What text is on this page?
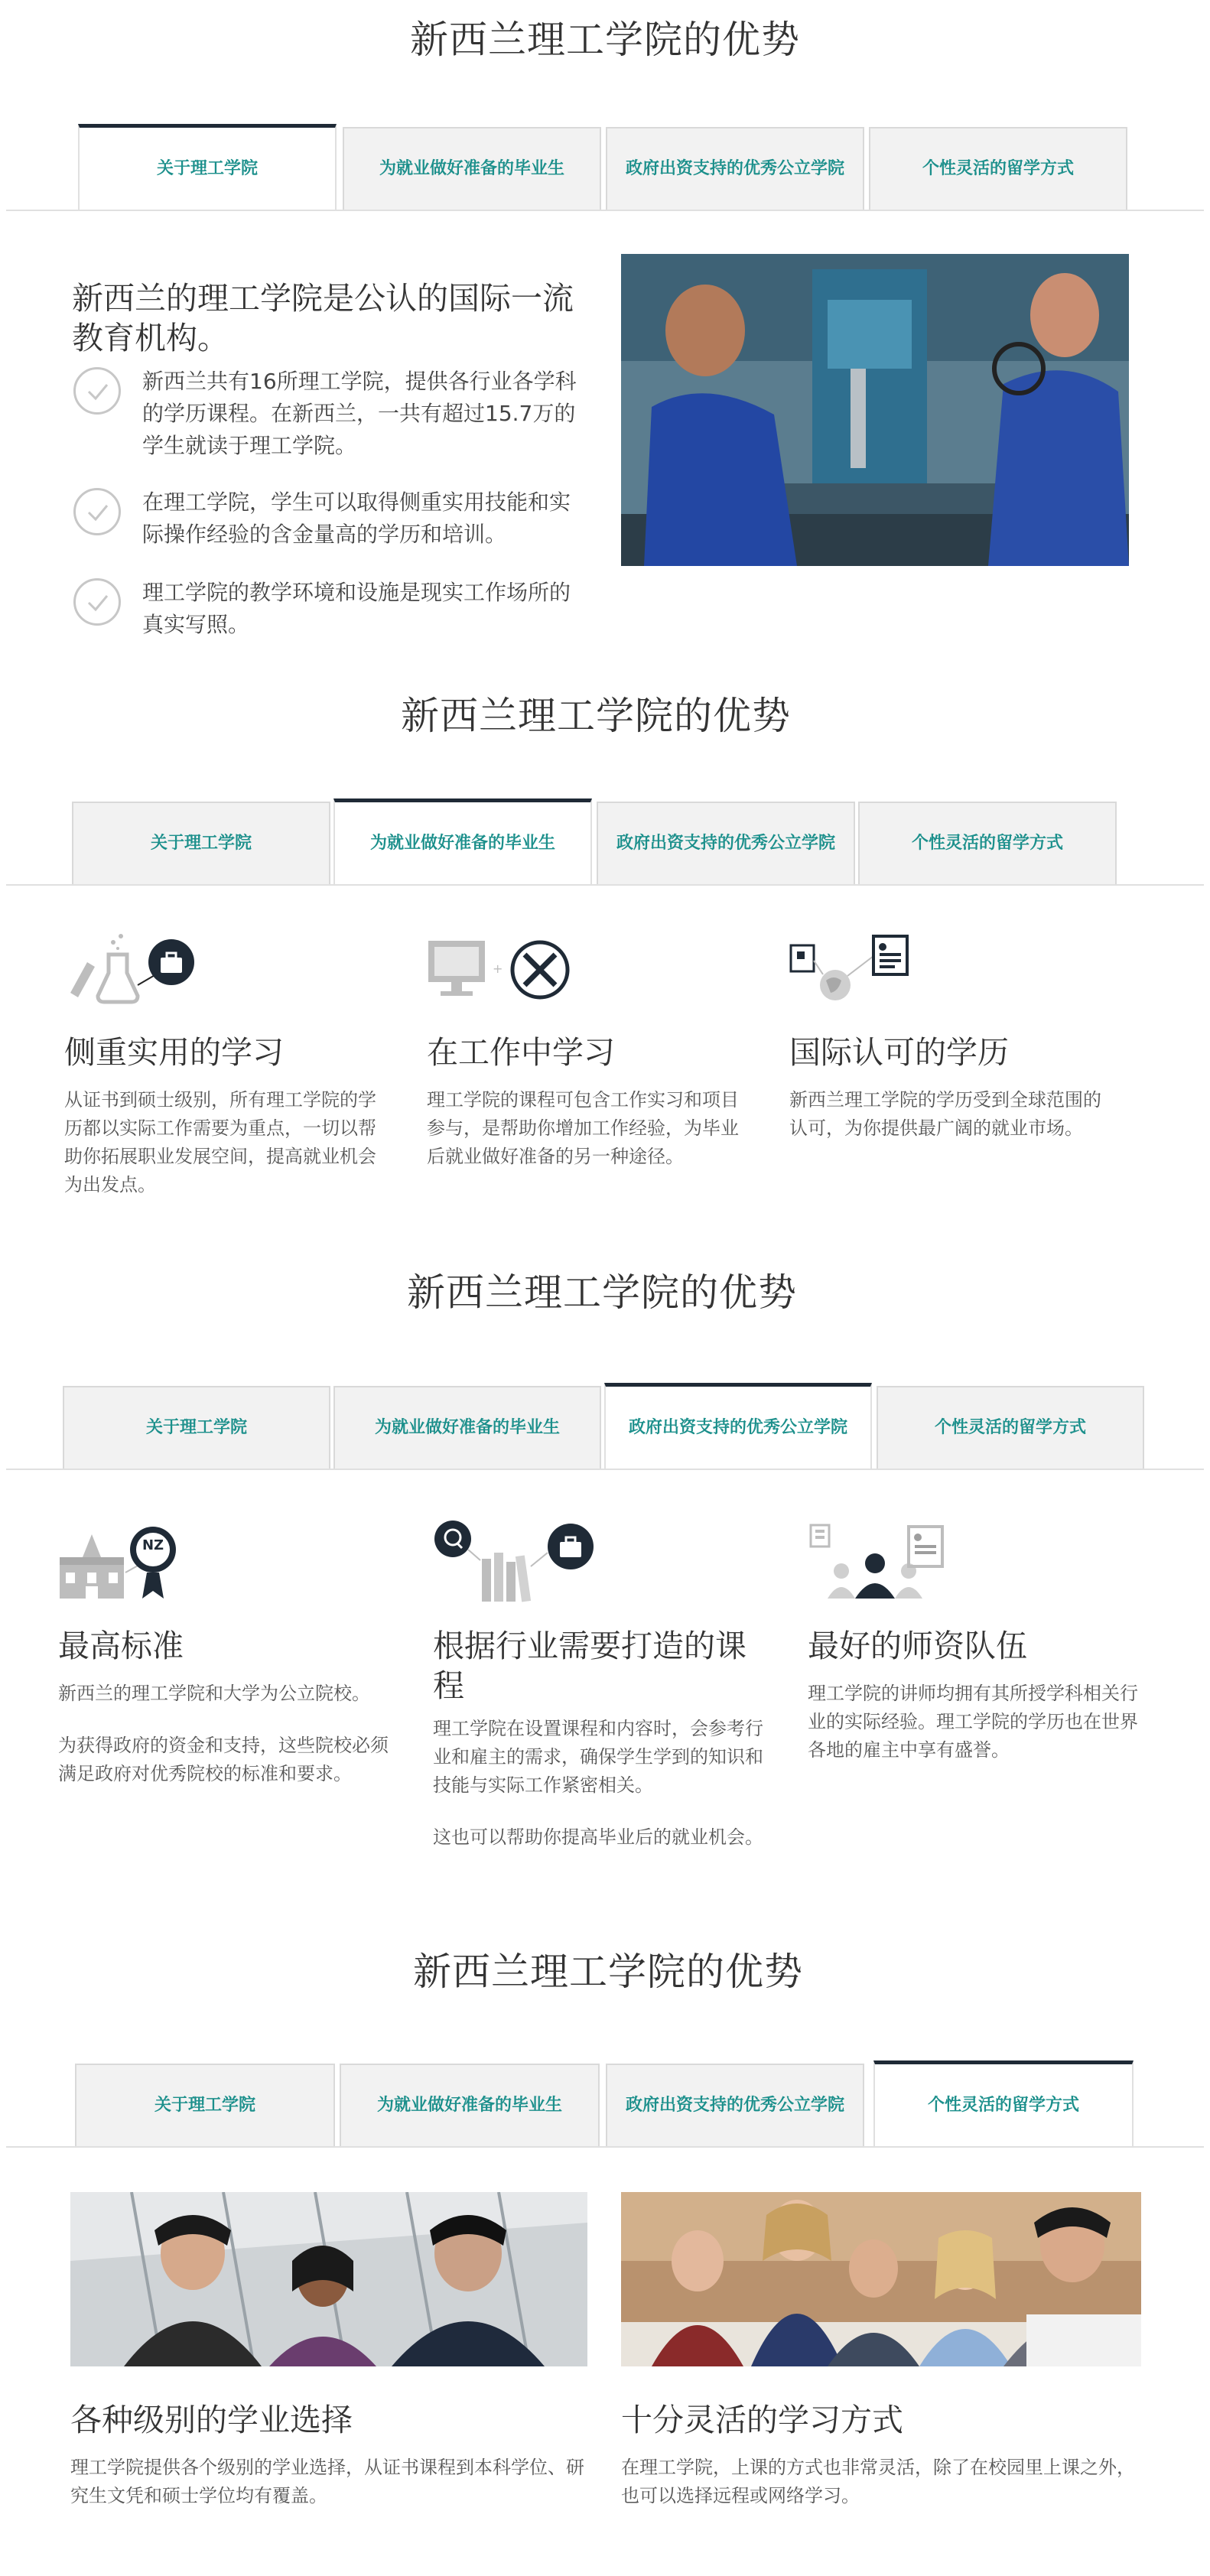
新西兰理工学院的优势
关于理工学院	为就业做好准备的毕业生	政府出资支持的优秀公立学院	个性灵活的留学方式
新西兰的理工学院是公认的国际一流教育机构。
新西兰共有16所理工学院，提供各行业各学科的学历课程。在新西兰，一共有超过15.7万的学生就读于理工学院。
在理工学院，学生可以取得侧重实用技能和实际操作经验的含金量高的学历和培训。
理工学院的教学环境和设施是现实工作场所的真实写照。
新西兰理工学院的优势
关于理工学院	为就业做好准备的毕业生	政府出资支持的优秀公立学院	个性灵活的留学方式
侧重实用的学习
从证书到硕士级别，所有理工学院的学历都以实际工作需要为重点，一切以帮助你拓展职业发展空间，提高就业机会为出发点。
+
在工作中学习
理工学院的课程可包含工作实习和项目参与，是帮助你增加工作经验，为毕业后就业做好准备的另一种途径。
国际认可的学历
新西兰理工学院的学历受到全球范围的认可，为你提供最广阔的就业市场。
新西兰理工学院的优势
关于理工学院	为就业做好准备的毕业生	政府出资支持的优秀公立学院	个性灵活的留学方式
NZ
最高标准
新西兰的理工学院和大学为公立院校。
为获得政府的资金和支持，这些院校必须满足政府对优秀院校的标准和要求。
根据行业需要打造的课程
理工学院在设置课程和内容时，会参考行业和雇主的需求，确保学生学到的知识和技能与实际工作紧密相关。
这也可以帮助你提高毕业后的就业机会。
最好的师资队伍
理工学院的讲师均拥有其所授学科相关行业的实际经验。理工学院的学历也在世界各地的雇主中享有盛誉。
新西兰理工学院的优势
关于理工学院	为就业做好准备的毕业生	政府出资支持的优秀公立学院	个性灵活的留学方式
各种级别的学业选择
理工学院提供各个级别的学业选择，从证书课程到本科学位、研究生文凭和硕士学位均有覆盖。
十分灵活的学习方式
在理工学院，上课的方式也非常灵活，除了在校园里上课之外，也可以选择远程或网络学习。
